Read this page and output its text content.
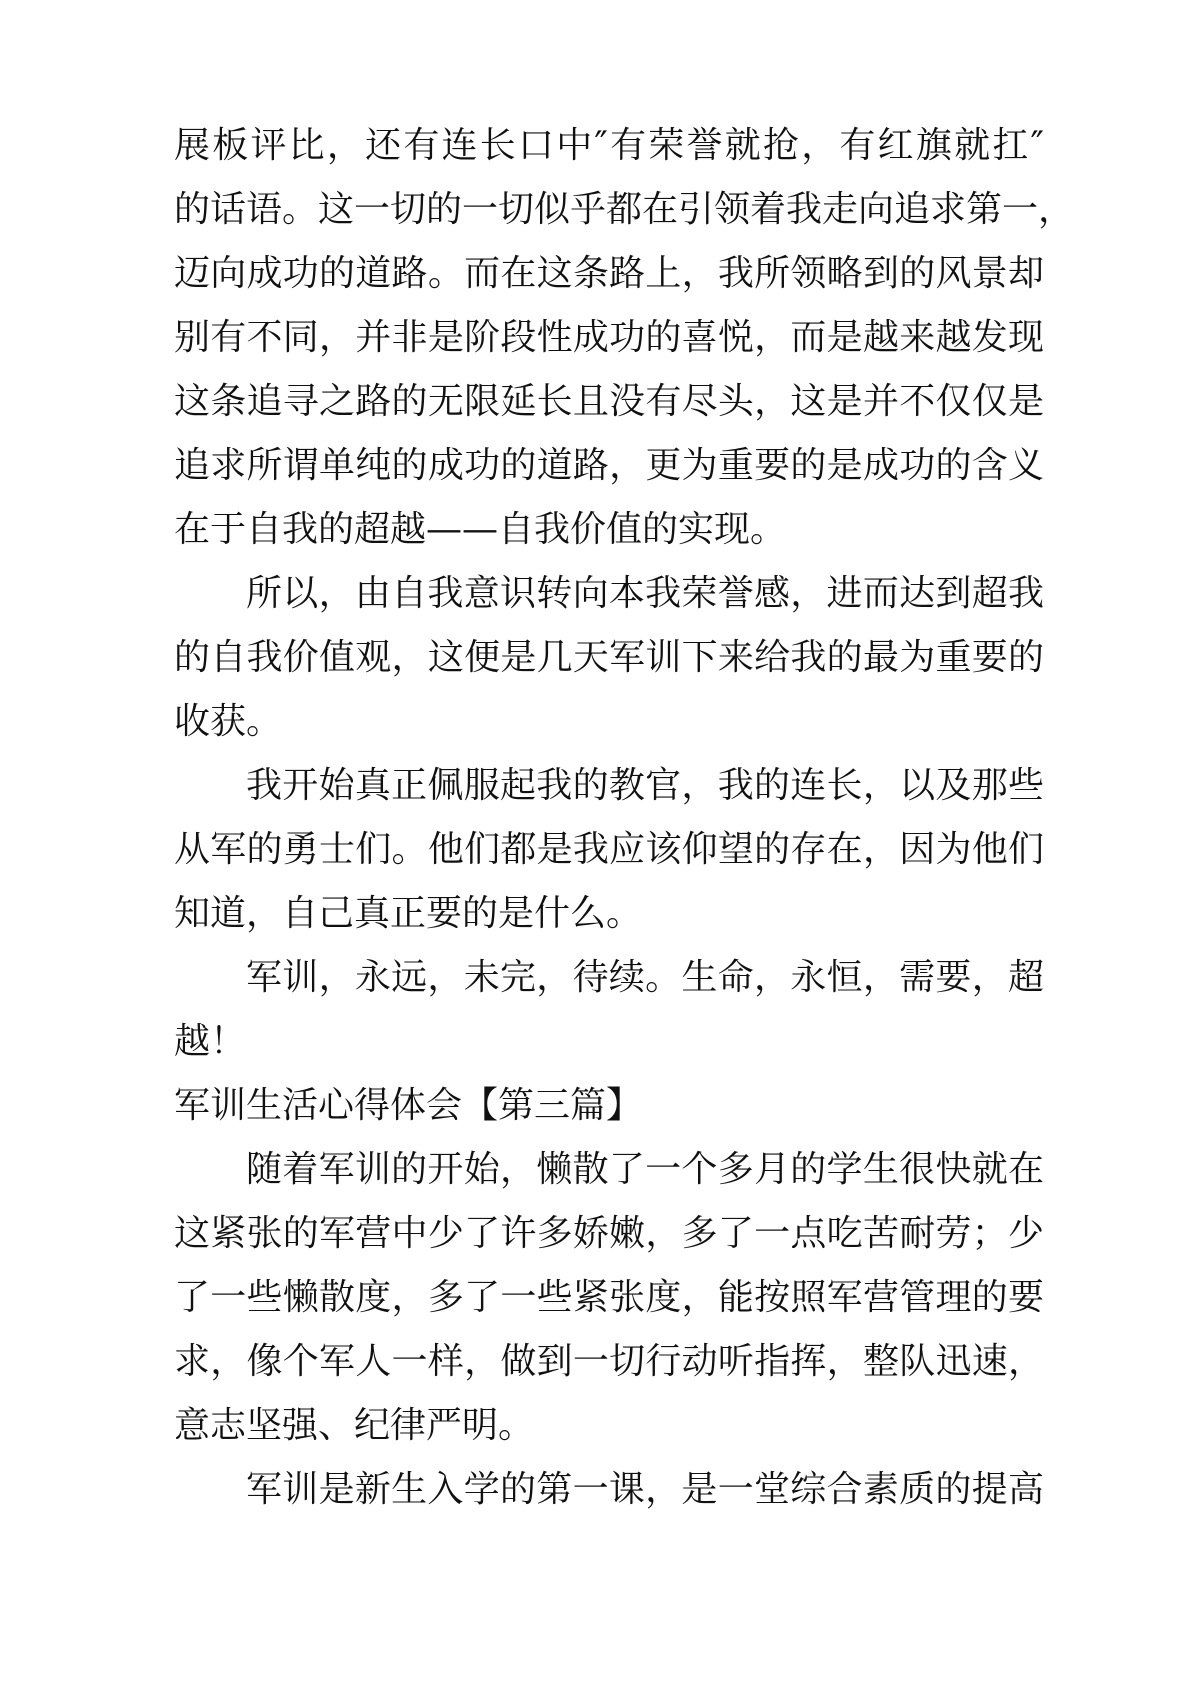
展板评比，还有连长口中″有荣誉就抢，有红旗就扛″
的话语。这一切的一切似乎都在引领着我走向追求第一，
迈向成功的道路。而在这条路上，我所领略到的风景却
别有不同，并非是阶段性成功的喜悦，而是越来越发现
这条追寻之路的无限延长且没有尽头，这是并不仅仅是
追求所谓单纯的成功的道路，更为重要的是成功的含义
在于自我的超越——自我价值的实现。
所以，由自我意识转向本我荣誉感，进而达到超我
的自我价值观，这便是几天军训下来给我的最为重要的
收获。
我开始真正佩服起我的教官，我的连长，以及那些
从军的勇士们。他们都是我应该仰望的存在，因为他们
知道，自己真正要的是什么。
军训，永远，未完，待续。生命，永恒，需要，超
越！
军训生活心得体会【第三篇】
随着军训的开始，懒散了一个多月的学生很快就在
这紧张的军营中少了许多娇嫩，多了一点吃苦耐劳；少
了一些懒散度，多了一些紧张度，能按照军营管理的要
求，像个军人一样，做到一切行动听指挥，整队迅速，
意志坚强、纪律严明。
军训是新生入学的第一课，是一堂综合素质的提高
